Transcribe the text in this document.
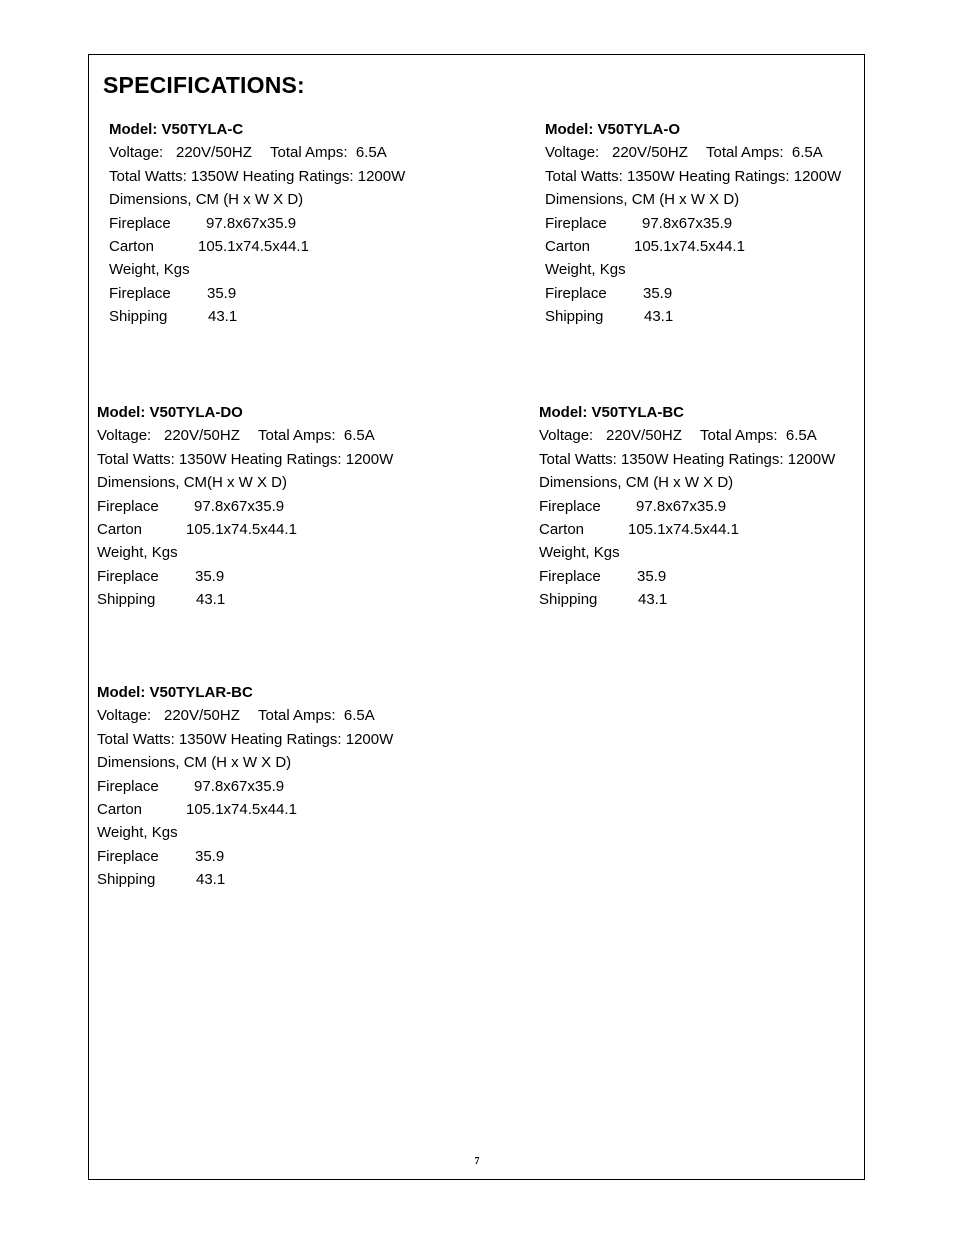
SPECIFICATIONS:
Model: V50TYLA-C
Voltage: 220V/50HZ Total Amps: 6.5A
Total Watts: 1350W Heating Ratings: 1200W
Dimensions, CM (H x W X D)
Fireplace 97.8x67x35.9
Carton	105.1x74.5x44.1
Weight, Kgs
Fireplace 35.9
Shipping	43.1
Model: V50TYLA-O
Voltage: 220V/50HZ Total Amps: 6.5A
Total Watts: 1350W Heating Ratings: 1200W
Dimensions, CM (H x W X D)
Fireplace 97.8x67x35.9
Carton	105.1x74.5x44.1
Weight, Kgs
Fireplace 35.9
Shipping	43.1
Model: V50TYLA-DO
Voltage: 220V/50HZ Total Amps: 6.5A
Total Watts: 1350W Heating Ratings: 1200W
Dimensions, CM(H x W X D)
Fireplace 97.8x67x35.9
Carton	105.1x74.5x44.1
Weight, Kgs
Fireplace 35.9
Shipping	43.1
Model: V50TYLA-BC
Voltage: 220V/50HZ Total Amps: 6.5A
Total Watts: 1350W Heating Ratings: 1200W
Dimensions, CM (H x W X D)
Fireplace 97.8x67x35.9
Carton	105.1x74.5x44.1
Weight, Kgs
Fireplace 35.9
Shipping	43.1
Model: V50TYLAR-BC
Voltage: 220V/50HZ Total Amps: 6.5A
Total Watts: 1350W Heating Ratings: 1200W
Dimensions, CM (H x W X D)
Fireplace 97.8x67x35.9
Carton	105.1x74.5x44.1
Weight, Kgs
Fireplace 35.9
Shipping	43.1
7
